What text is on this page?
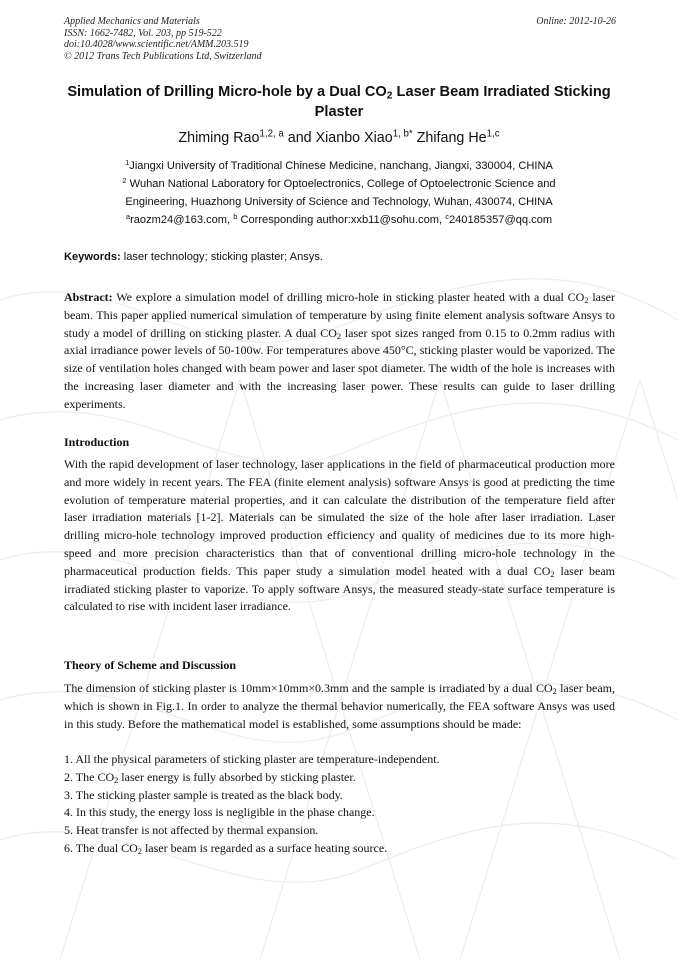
Applied Mechanics and Materials
ISSN: 1662-7482, Vol. 203, pp 519-522
doi:10.4028/www.scientific.net/AMM.203.519
© 2012 Trans Tech Publications Ltd, Switzerland
Online: 2012-10-26
Simulation of Drilling Micro-hole by a Dual $CO_2$ Laser Beam Irradiated Sticking Plaster
Zhiming Rao$^{1,2, a}$ and Xianbo Xiao$^{1, b*}$ Zhifang He$^{1,c}$
$^1$Jiangxi University of Traditional Chinese Medicine, nanchang, Jiangxi, 330004, CHINA
$^2$ Wuhan National Laboratory for Optoelectronics, College of Optoelectronic Science and
Engineering, Huazhong University of Science and Technology, Wuhan, 430074, CHINA
$^a$raozm24@163.com, $^b$ Corresponding author:xxb11@sohu.com, $^c$240185357@qq.com
Keywords: laser technology; sticking plaster; Ansys.
Abstract: We explore a simulation model of drilling micro-hole in sticking plaster heated with a dual $CO_2$ laser beam. This paper applied numerical simulation of temperature by using finite element analysis software Ansys to study a model of drilling on sticking plaster. A dual $CO_2$ laser spot sizes ranged from 0.15 to 0.2mm radius with axial irradiance power levels of 50-100w. For temperatures above 450°C, sticking plaster would be vaporized. The size of ventilation holes changed with beam power and laser spot diameter. The width of the hole is increases with the increasing laser diameter and with the increasing laser power. These results can guide to laser drilling experiments.
Introduction
With the rapid development of laser technology, laser applications in the field of pharmaceutical production more and more widely in recent years. The FEA (finite element analysis) software Ansys is good at predicting the time evolution of temperature material properties, and it can calculate the distribution of the temperature field after laser irradiation materials [1-2]. Materials can be simulated the size of the hole after laser irradiation. Laser drilling micro-hole technology improved production efficiency and quality of medicines due to its more high-speed and more precision characteristics than that of conventional drilling micro-hole technology in the pharmaceutical production fields. This paper study a simulation model heated with a dual $CO_2$ laser beam irradiated sticking plaster to vaporize. To apply software Ansys, the measured steady-state surface temperature is calculated to rise with incident laser irradiance.
Theory of Scheme and Discussion
The dimension of sticking plaster is 10mm×10mm×0.3mm and the sample is irradiated by a dual $CO_2$ laser beam, which is shown in Fig.1. In order to analyze the thermal behavior numerically, the FEA software Ansys was used in this study. Before the mathematical model is established, some assumptions should be made:
1. All the physical parameters of sticking plaster are temperature-independent.
2. The $CO_2$ laser energy is fully absorbed by sticking plaster.
3. The sticking plaster sample is treated as the black body.
4. In this study, the energy loss is negligible in the phase change.
5. Heat transfer is not affected by thermal expansion.
6. The dual $CO_2$ laser beam is regarded as a surface heating source.
